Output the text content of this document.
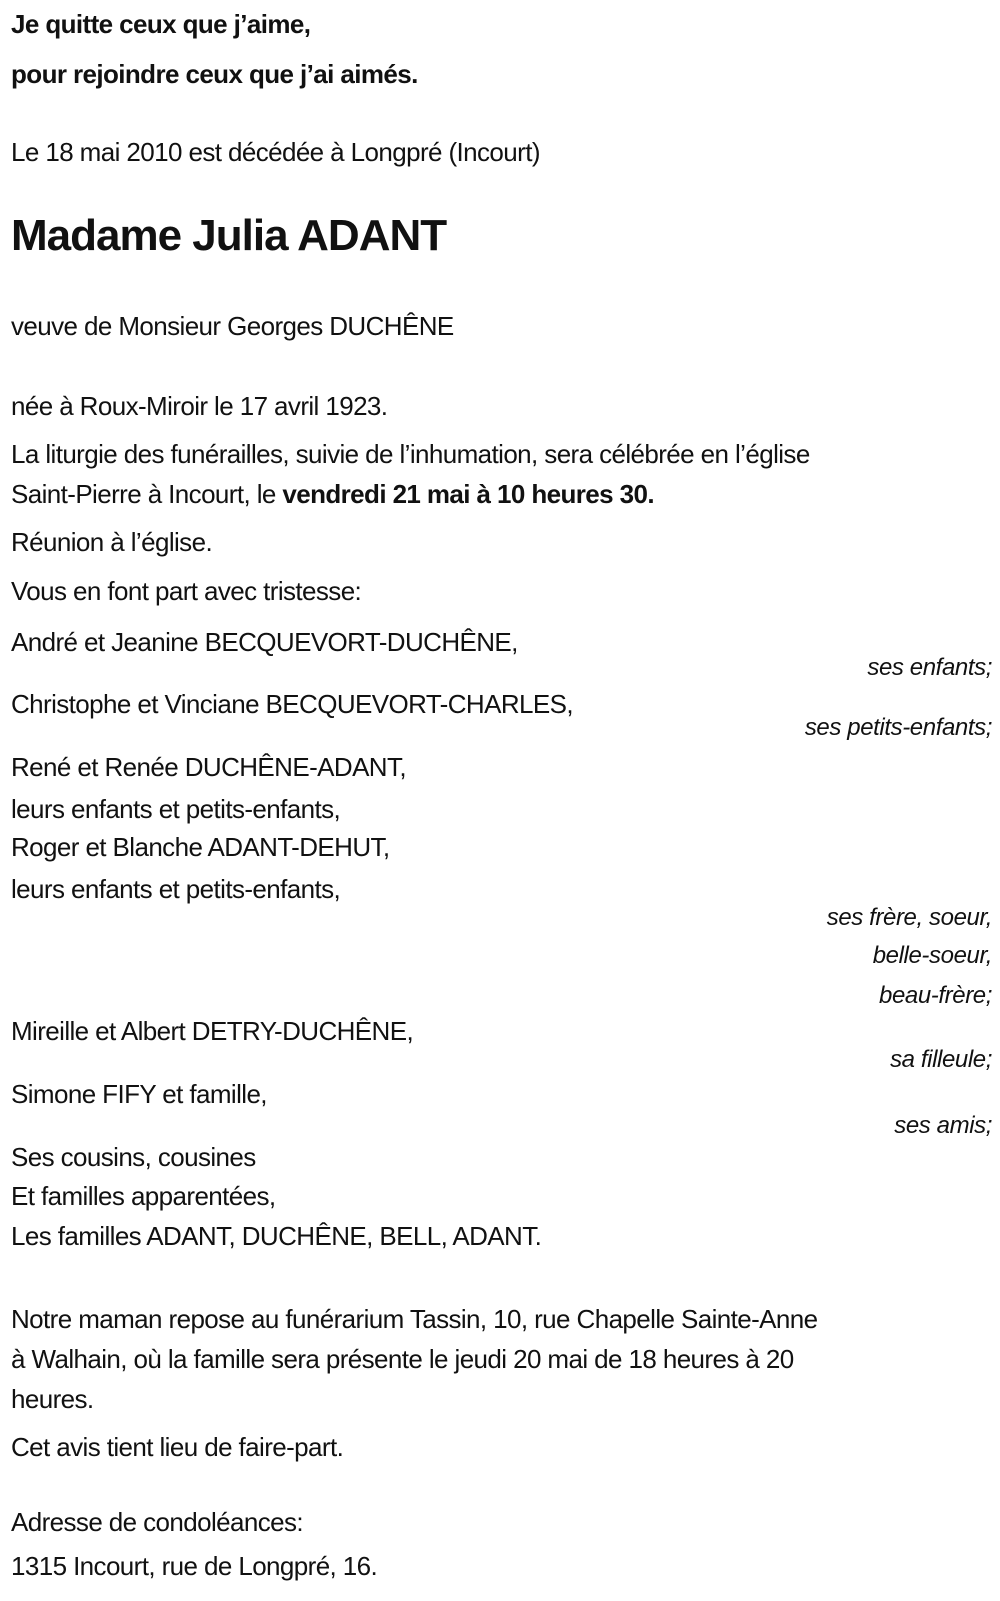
Je quitte ceux que j’aime,

pour rejoindre ceux que j’ai aimés.

Le 18 mai 2010 est décédée à Longpré (Incourt)

Madame Julia ADANT

veuve de Monsieur Georges DUCHÊNE

née à Roux-Miroir le 17 avril 1923.

La liturgie des funérailles, suivie de l’inhumation, sera célébrée en l’église

Saint-Pierre à Incourt, le vendredi 21 mai à 10 heures 30.

Réunion à l’église.

Vous en font part avec tristesse:

André et Jeanine BECQUEVORT-DUCHÊNE,

ses enfants;

Christophe et Vinciane BECQUEVORT-CHARLES,

ses petits-enfants;

René et Renée DUCHÊNE-ADANT,

leurs enfants et petits-enfants,

Roger et Blanche ADANT-DEHUT,

leurs enfants et petits-enfants,

ses frère, soeur,

belle-soeur,

beau-frère;

Mireille et Albert DETRY-DUCHÊNE,

sa filleule;

Simone FIFY et famille,

ses amis;

Ses cousins, cousines

Et familles apparentées,

Les familles ADANT, DUCHÊNE, BELL, ADANT.

Notre maman repose au funérarium Tassin, 10, rue Chapelle Sainte-Anne

à Walhain, où la famille sera présente le jeudi 20 mai de 18 heures à 20

heures.

Cet avis tient lieu de faire-part.

Adresse de condoléances:

1315 Incourt, rue de Longpré, 16.
